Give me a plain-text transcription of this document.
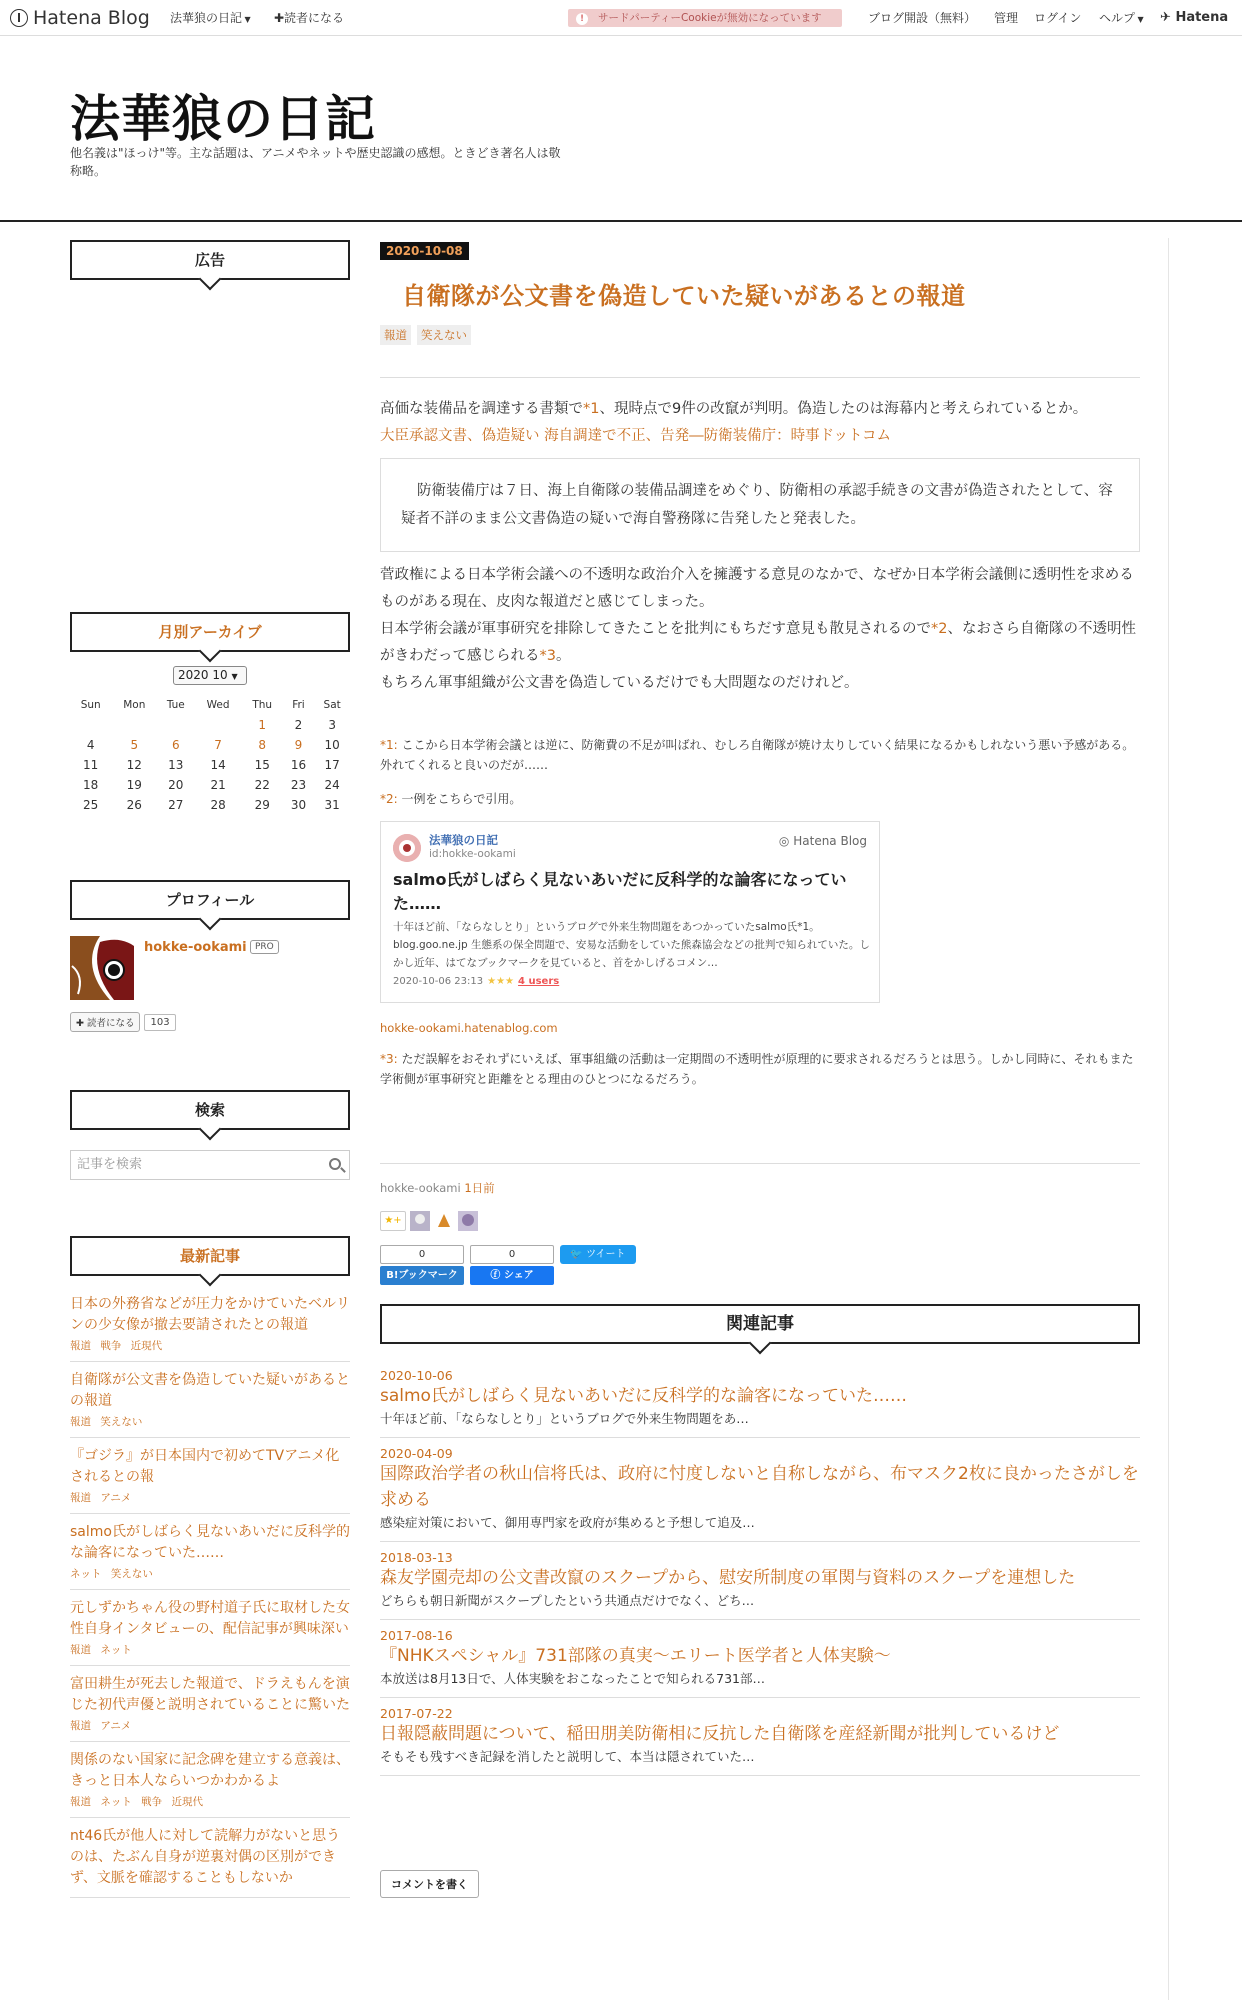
Hatena Blog 法華狼の日記 ▼ ✚読者になる	! サードパーティーCookieが無効になっています	ブログ開設（無料） 管理 ログイン ヘルプ ▼ ✈ Hatena
法華狼の日記
他名義は"ほっけ"等。主な話題は、アニメやネットや歴史認識の感想。ときどき著名人は敬称略。
広告
月別アーカイブ
2020 10 ▼
Sun	Mon	Tue	Wed	Thu	Fri	Sat
				1	2	3
4	5	6	7	8	9	10
11	12	13	14	15	16	17
18	19	20	21	22	23	24
25	26	27	28	29	30	31
プロフィール
hokke-ookami PRO
✚ 読者になる	103
検索
記事を検索
最新記事
日本の外務省などが圧力をかけていたベルリンの少女像が撤去要請されたとの報道
報道 戦争 近現代
自衛隊が公文書を偽造していた疑いがあるとの報道
報道 笑えない
『ゴジラ』が日本国内で初めてTVアニメ化されるとの報
報道 アニメ
salmo氏がしばらく見ないあいだに反科学的な論客になっていた……
ネット 笑えない
元しずかちゃん役の野村道子氏に取材した女性自身インタビューの、配信記事が興味深い
報道 ネット
富田耕生が死去した報道で、ドラえもんを演じた初代声優と説明されていることに驚いた
報道 アニメ
関係のない国家に記念碑を建立する意義は、きっと日本人ならいつかわかるよ
報道 ネット 戦争 近現代
nt46氏が他人に対して読解力がないと思うのは、たぶん自身が逆裏対偶の区別ができず、文脈を確認することもしないか
2020-10-08
自衛隊が公文書を偽造していた疑いがあるとの報道
報道	笑えない
高価な装備品を調達する書類で*1、現時点で9件の改竄が判明。偽造したのは海幕内と考えられているとか。
大臣承認文書、偽造疑い 海自調達で不正、告発―防衛装備庁：時事ドットコム
防衛装備庁は７日、海上自衛隊の装備品調達をめぐり、防衛相の承認手続きの文書が偽造されたとして、容疑者不詳のまま公文書偽造の疑いで海自警務隊に告発したと発表した。
菅政権による日本学術会議への不透明な政治介入を擁護する意見のなかで、なぜか日本学術会議側に透明性を求めるものがある現在、皮肉な報道だと感じてしまった。
日本学術会議が軍事研究を排除してきたことを批判にもちだす意見も散見されるので*2、なおさら自衛隊の不透明性がきわだって感じられる*3。
もちろん軍事組織が公文書を偽造しているだけでも大問題なのだけれど。
*1: ここから日本学術会議とは逆に、防衛費の不足が叫ばれ、むしろ自衛隊が焼け太りしていく結果になるかもしれないう悪い予感がある。外れてくれると良いのだが……
*2: 一例をこちらで引用。
法華狼の日記
id:hokke-ookami
◎ Hatena Blog
salmo氏がしばらく見ないあいだに反科学的な論客になっていた……
十年ほど前、「ならなしとり」というブログで外来生物問題をあつかっていたsalmo氏*1。blog.goo.ne.jp 生態系の保全問題で、安易な活動をしていた熊森協会などの批判で知られていた。しかし近年、はてなブックマークを見ていると、首をかしげるコメン…
2020-10-06 23:13 ★★★ 4 users
hokke-ookami.hatenablog.com
*3: ただ誤解をおそれずにいえば、軍事組織の活動は一定期間の不透明性が原理的に要求されるだろうとは思う。しかし同時に、それもまた学術側が軍事研究と距離をとる理由のひとつになるだろう。
hokke-ookami 1日前
★+
0
B!ブックマーク
0
ⓕ シェア
🐦 ツイート
関連記事
2020-10-06
salmo氏がしばらく見ないあいだに反科学的な論客になっていた……
十年ほど前、「ならなしとり」というブログで外来生物問題をあ…
2020-04-09
国際政治学者の秋山信将氏は、政府に忖度しないと自称しながら、布マスク2枚に良かったさがしを求める
感染症対策において、御用専門家を政府が集めると予想して追及…
2018-03-13
森友学園売却の公文書改竄のスクープから、慰安所制度の軍関与資料のスクープを連想した
どちらも朝日新聞がスクープしたという共通点だけでなく、どち…
2017-08-16
『NHKスペシャル』731部隊の真実〜エリート医学者と人体実験〜
本放送は8月13日で、人体実験をおこなったことで知られる731部…
2017-07-22
日報隠蔽問題について、稲田朋美防衛相に反抗した自衛隊を産経新聞が批判しているけど
そもそも残すべき記録を消したと説明して、本当は隠されていた…
コメントを書く
